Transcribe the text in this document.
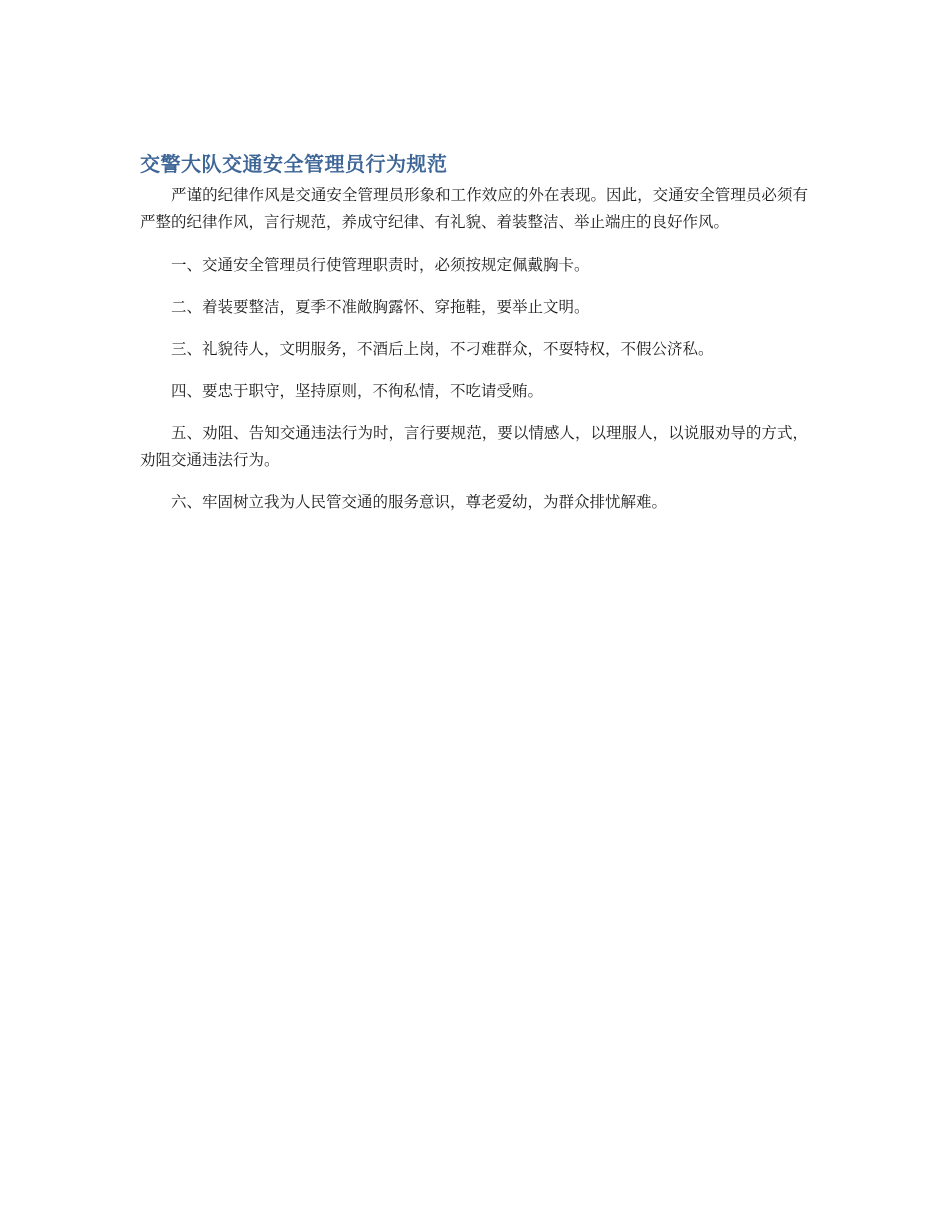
交警大队交通安全管理员行为规范

严谨的纪律作风是交通安全管理员形象和工作效应的外在表现。因此，交通安全管理员必须有严整的纪律作风，言行规范，养成守纪律、有礼貌、着装整洁、举止端庄的良好作风。

一、交通安全管理员行使管理职责时，必须按规定佩戴胸卡。

二、着装要整洁，夏季不准敞胸露怀、穿拖鞋，要举止文明。

三、礼貌待人，文明服务，不酒后上岗，不刁难群众，不耍特权，不假公济私。

四、要忠于职守，坚持原则，不徇私情，不吃请受贿。

五、劝阻、告知交通违法行为时，言行要规范，要以情感人，以理服人，以说服劝导的方式，劝阻交通违法行为。

六、牢固树立我为人民管交通的服务意识，尊老爱幼，为群众排忧解难。
